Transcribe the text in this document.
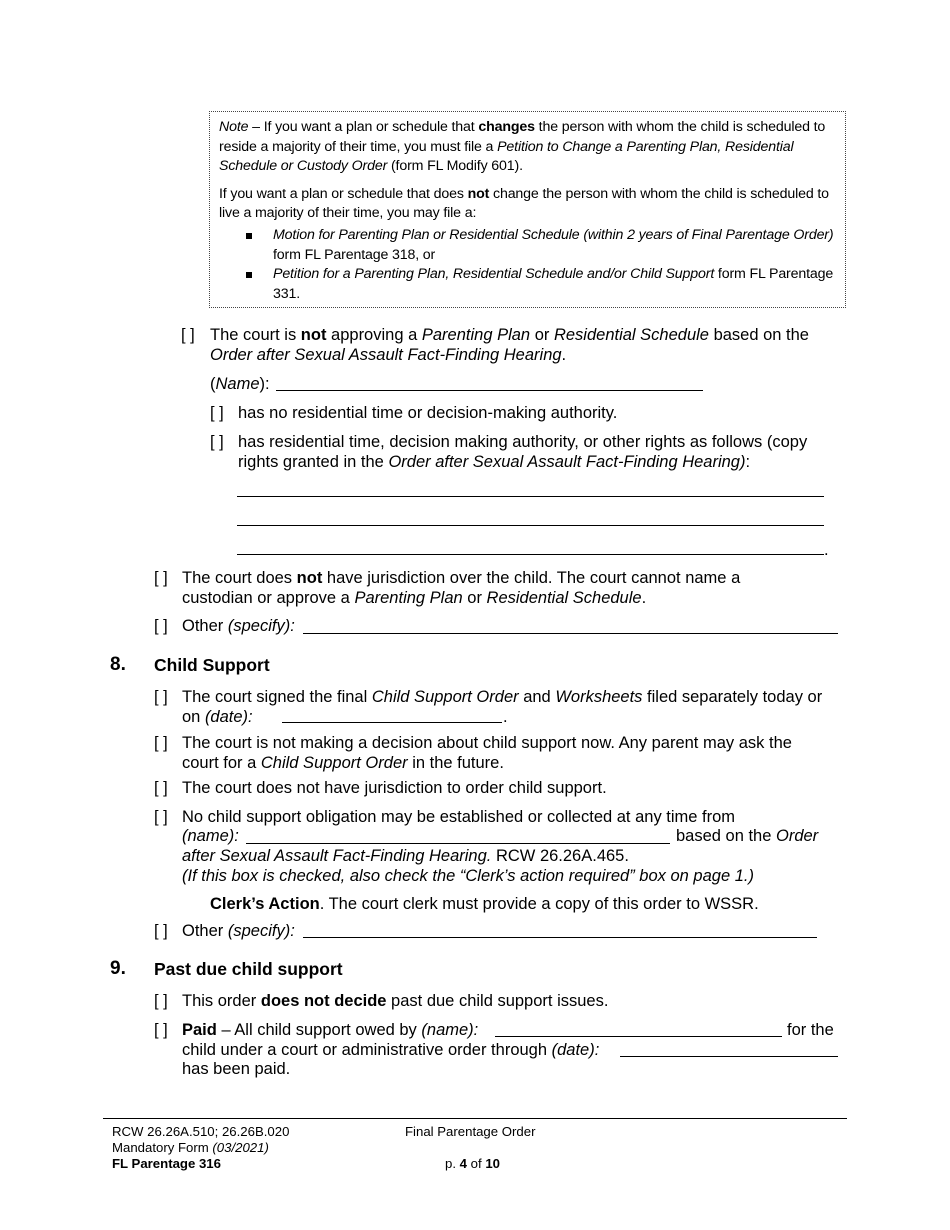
Note – If you want a plan or schedule that changes the person with whom the child is scheduled to reside a majority of their time, you must file a Petition to Change a Parenting Plan, Residential Schedule or Custody Order (form FL Modify 601).

If you want a plan or schedule that does not change the person with whom the child is scheduled to live a majority of their time, you may file a:

Motion for Parenting Plan or Residential Schedule (within 2 years of Final Parentage Order) form FL Parentage 318, or
Petition for a Parenting Plan, Residential Schedule and/or Child Support form FL Parentage 331.
[ ] The court is not approving a Parenting Plan or Residential Schedule based on the Order after Sexual Assault Fact-Finding Hearing.
(Name):
[ ] has no residential time or decision-making authority.
[ ] has residential time, decision making authority, or other rights as follows (copy rights granted in the Order after Sexual Assault Fact-Finding Hearing):
.
[ ] The court does not have jurisdiction over the child. The court cannot name a custodian or approve a Parenting Plan or Residential Schedule.
[ ] Other (specify):
8. Child Support
[ ] The court signed the final Child Support Order and Worksheets filed separately today or on (date):	.
[ ] The court is not making a decision about child support now. Any parent may ask the court for a Child Support Order in the future.
[ ] The court does not have jurisdiction to order child support.
[ ] No child support obligation may be established or collected at any time from
(name):	based on the Order
after Sexual Assault Fact-Finding Hearing. RCW 26.26A.465.
(If this box is checked, also check the “Clerk’s action required” box on page 1.)
Clerk’s Action. The court clerk must provide a copy of this order to WSSR.
[ ] Other (specify):
9. Past due child support
[ ] This order does not decide past due child support issues.
[ ] Paid – All child support owed by (name):	for the
child under a court or administrative order through (date):
has been paid.
RCW 26.26A.510; 26.26B.020
Mandatory Form (03/2021)
FL Parentage 316
Final Parentage Order
p. 4 of 10
